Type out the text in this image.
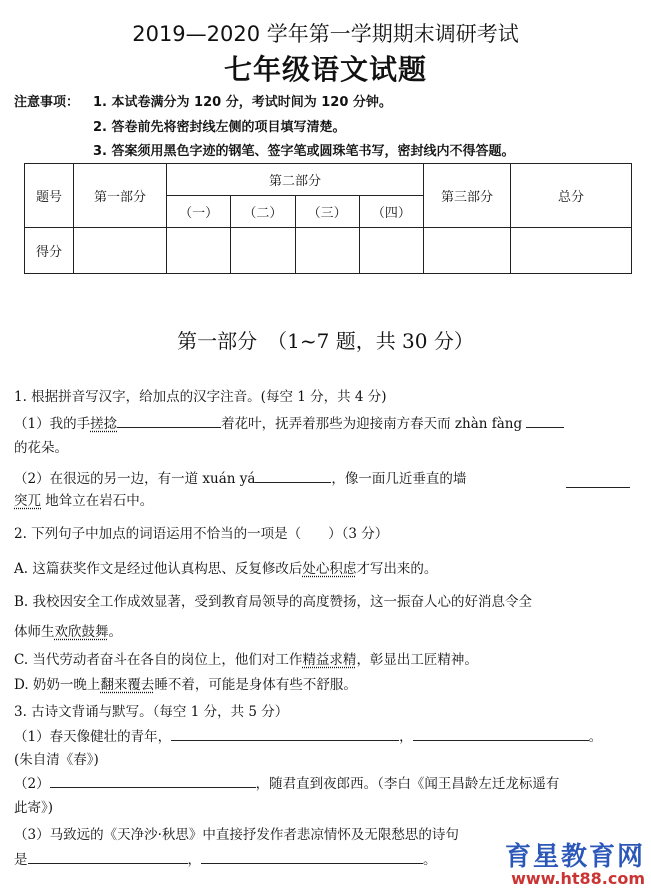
2019—2020 学年第一学期期末调研考试
七年级语文试题
注意事项： 1. 本试卷满分为 120 分，考试时间为 120 分钟。
2. 答卷前先将密封线左侧的项目填写清楚。
3. 答案须用黑色字迹的钢笔、签字笔或圆珠笔书写，密封线内不得答题。
题号	第一部分	第二部分				第三部分	总分
		（一）	（二）	（三）	（四）		
得分							
第一部分　（1~7 题，共 30 分）
1. 根据拼音写汉字，给加点的汉字注音。(每空 1 分，共 4 分)
（1）我的手搓捻	着花叶，抚弄着那些为迎接南方春天而 zhàn fàng
的花朵。
（2）在很远的另一边，有一道 xuán yá	，像一面几近垂直的墙
突兀 地耸立在岩石中。
2. 下列句子中加点的词语运用不恰当的一项是（　　）（3 分）
A. 这篇获奖作文是经过他认真构思、反复修改后处心积虑才写出来的。
B. 我校因安全工作成效显著，受到教育局领导的高度赞扬，这一振奋人心的好消息令全
体师生欢欣鼓舞。
C. 当代劳动者奋斗在各自的岗位上，他们对工作精益求精，彰显出工匠精神。
D. 奶奶一晚上翻来覆去睡不着，可能是身体有些不舒服。
3. 古诗文背诵与默写。（每空 1 分，共 5 分）
（1）春天像健壮的青年，	，	。
(朱自清《春》)
（2）	，随君直到夜郎西。（李白《闻王昌龄左迁龙标遥有
此寄》)
（3）马致远的《天净沙·秋思》中直接抒发作者悲凉情怀及无限愁思的诗句
是	，	。	育星教育网
www.ht88.com
